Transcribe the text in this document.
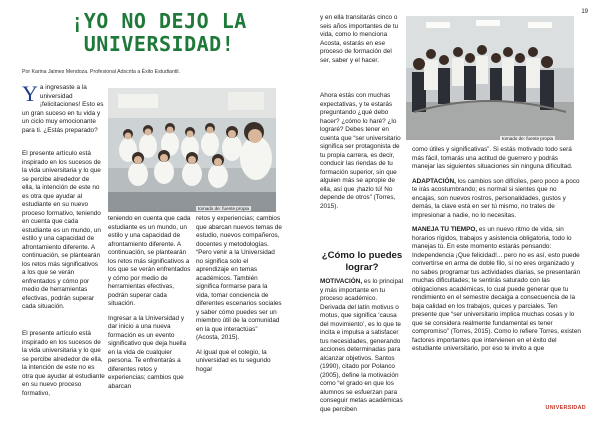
¡YO NO DEJO LA
UNIVERSIDAD!
Por Karina Jaimes Mendoza. Profesional Adscrita a Éxito Estudiantil.
19

Ya ingresaste a la universidad ¡felicitaciones! Esto es un gran suceso en tu vida y un ciclo muy emocionante para ti. ¿Estás preparado?

El presente artículo está inspirado en los sucesos de la vida universitaria y lo que se percibe alrededor de ella, la intención de este no es otra que ayudar al estudiante en su nuevo proceso formativo, teniendo en cuenta que cada estudiante es un mundo, un estilo y una capacidad de afrontamiento diferente. A continuación, se plantearán los retos más significativos a los que se verán enfrentados y cómo por medio de herramientas efectivas, podrán superar cada situación.

El presente artículo está inspirado en los sucesos de la vida universitaria y lo que se percibe alrededor de ella, la intención de este no es otra que ayudar al estudiante en su nuevo proceso formativo,

tomado de: fuente propia

teniendo en cuenta que cada estudiante es un mundo, un estilo y una capacidad de afrontamiento diferente. A continuación, se plantearán los retos más significativos a los que se verán enfrentados y cómo por medio de herramientas efectivas, podrán superar cada situación.

Ingresar a la Universidad y dar inicio a una nueva formación es un evento significativo que deja huella en la vida de cualquier persona. Te enfrentarás a diferentes retos y experiencias; cambios que abarcan

retos y experiencias; cambios que abarcan nuevos temas de estudio, nuevos compañeros, docentes y metodologías. “Pero venir a la Universidad no significa solo el aprendizaje en temas académicos. También significa formarse para la vida, tomar conciencia de diferentes escenarios sociales y saber cómo puedes ser un miembro útil de la comunidad en la que interactúas” (Acosta, 2015).

Al igual que el colegio, la universidad es tu segundo hogar

y en ella transitarás cinco o seis años importantes de tu vida, como lo menciona Acosta, estarás en ese proceso de formación del ser, saber y el hacer.

Ahora estás con muchas expectativas, y te estarás preguntando ¿qué debo hacer? ¿cómo lo haré? ¿lo lograré? Debes tener en cuenta que “ser universitario significa ser protagonista de tu propia carrera, es decir, conducir las riendas de tu formación superior, sin que alguien más se apropie de ella, así que ¡hazlo tú! No depende de otros” (Torres, 2015).

¿Cómo lo puedes lograr?

MOTIVACIÓN, es lo principal y más importante en tu proceso académico. Derivada del latín motivus o motus, que significa ‘causa del movimiento’, es lo que te incita e impulsa a satisfacer tus necesidades, generando acciones determinadas para alcanzar objetivos. Santos (1990), citado por Polanco (2005), define la motivación como “el grado en que los alumnos se esfuerzan para conseguir metas académicas que perciben

tomado de: fuente propia

como útiles y significativas”. Si estás motivado todo será más fácil, tomarás una actitud de guerrero y podrás manejar las siguientes situaciones sin ninguna dificultad.

ADAPTACIÓN, los cambios son difíciles, pero poco a poco te irás acostumbrando; es normal si sientes que no encajas, son nuevos rostros, personalidades, gustos y demás, la clave está en ser tú mismo, no trates de impresionar a nadie, no lo necesitas.

MANEJA TU TIEMPO, es un nuevo ritmo de vida, sin horarios rígidos, trabajos y asistencia obligatoria, todo lo manejas tú. En este momento estarás pensando: Independencia ¡Que felicidad!... pero no es así, esto puede convertirse en arma de doble filo, si no eres organizado y no sabes programar tus actividades diarias, se presentarán muchas dificultades; te sentirás saturado con las obligaciones académicas, lo cual puede generar que tu rendimiento en el semestre decaiga a consecuencia de la baja calidad en los trabajos, quices y parciales. Ten presente que “ser universitario implica muchas cosas y lo que se considera realmente fundamental es tener compromiso” (Torres, 2015). Como lo refiere Torres, existen factores importantes que intervienen en el éxito del estudiante universitario, por eso te invito a que

UNIVERSIDAD
